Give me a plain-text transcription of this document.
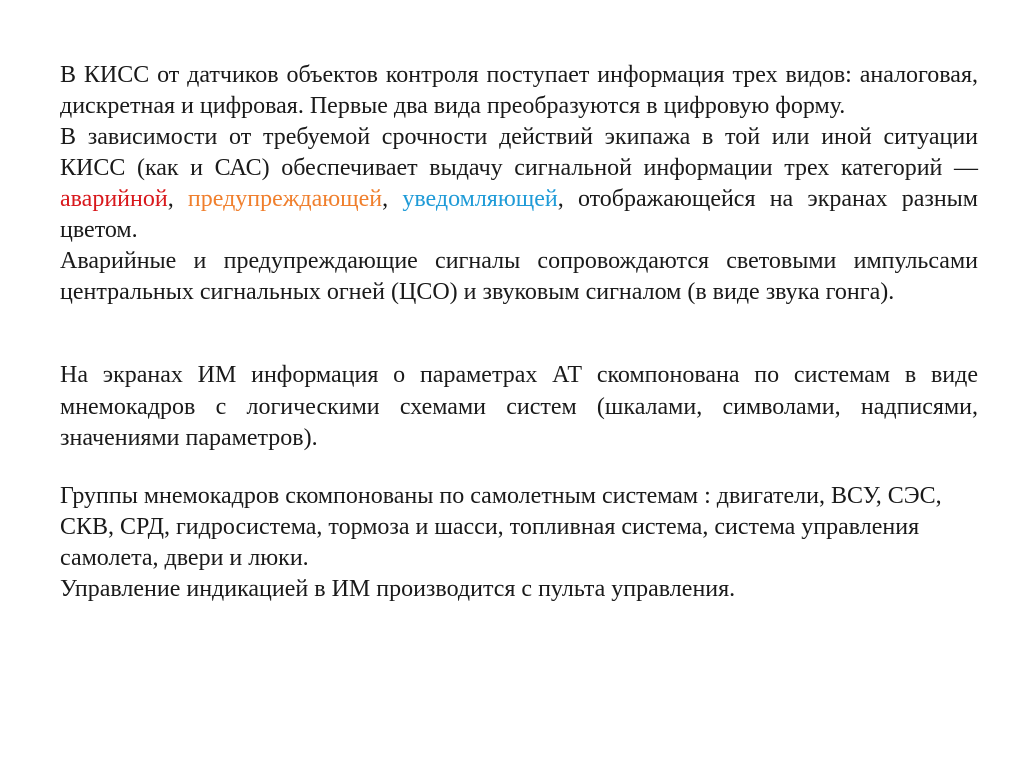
В КИСС от датчиков объектов контроля поступает информация трех видов: аналоговая, дискретная и цифровая. Первые два вида преобразуются в цифровую форму.

В зависимости от требуемой срочности действий экипажа в той или иной ситуации КИСС (как и САС) обеспечивает выдачу сигнальной информации трех категорий — аварийной, предупреждающей, уведомляющей, отображающейся на экранах разным цветом.

Аварийные и предупреждающие сигналы сопровождаются световыми импульсами центральных сигнальных огней (ЦСО) и звуковым сигналом (в виде звука гонга).

На экранах ИМ информация о параметрах АТ скомпонована по системам в виде мнемокадров с логическими схемами систем (шкалами, символами, надписями, значениями параметров).

Группы мнемокадров скомпонованы по самолетным системам : двигатели, ВСУ, СЭС, СКВ, СРД, гидросистема, тормоза и шасси, топливная система, система управления самолета, двери и люки.

Управление индикацией в ИМ производится с пульта управления.
